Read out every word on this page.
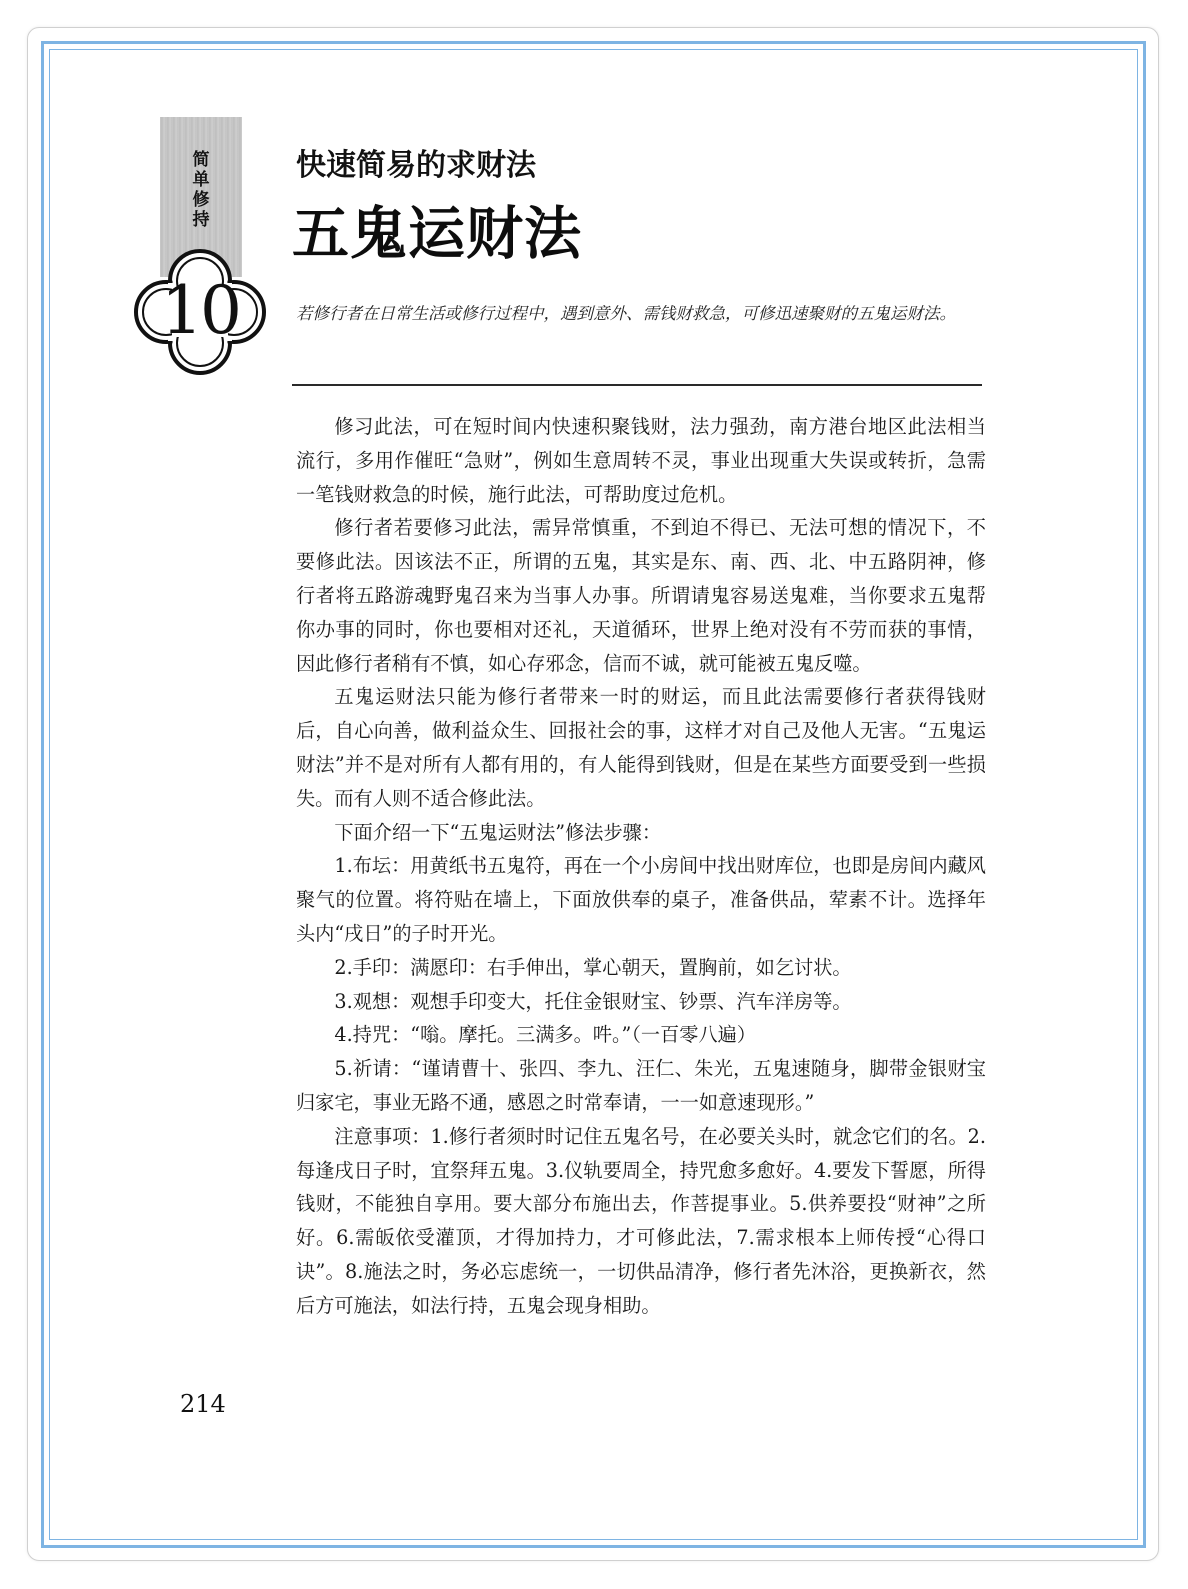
简单修持
10
快速简易的求财法
五鬼运财法
若修行者在日常生活或修行过程中，遇到意外、需钱财救急，可修迅速聚财的五鬼运财法。

修习此法，可在短时间内快速积聚钱财，法力强劲，南方港台地区此法相当流行，多用作催旺“急财”，例如生意周转不灵，事业出现重大失误或转折，急需一笔钱财救急的时候，施行此法，可帮助度过危机。

修行者若要修习此法，需异常慎重，不到迫不得已、无法可想的情况下，不要修此法。因该法不正，所谓的五鬼，其实是东、南、西、北、中五路阴神，修行者将五路游魂野鬼召来为当事人办事。所谓请鬼容易送鬼难，当你要求五鬼帮你办事的同时，你也要相对还礼，天道循环，世界上绝对没有不劳而获的事情，因此修行者稍有不慎，如心存邪念，信而不诚，就可能被五鬼反噬。

五鬼运财法只能为修行者带来一时的财运，而且此法需要修行者获得钱财后，自心向善，做利益众生、回报社会的事，这样才对自己及他人无害。“五鬼运财法”并不是对所有人都有用的，有人能得到钱财，但是在某些方面要受到一些损失。而有人则不适合修此法。

下面介绍一下“五鬼运财法”修法步骤：

1.布坛：用黄纸书五鬼符，再在一个小房间中找出财库位，也即是房间内藏风聚气的位置。将符贴在墙上，下面放供奉的桌子，准备供品，荤素不计。选择年头内“戌日”的子时开光。

2.手印：满愿印：右手伸出，掌心朝天，置胸前，如乞讨状。

3.观想：观想手印变大，托住金银财宝、钞票、汽车洋房等。

4.持咒：“嗡。摩托。三满多。吽。”（一百零八遍）

5.祈请：“谨请曹十、张四、李九、汪仁、朱光，五鬼速随身，脚带金银财宝归家宅，事业无路不通，感恩之时常奉请，一一如意速现形。”

注意事项：1.修行者须时时记住五鬼名号，在必要关头时，就念它们的名。2.每逢戌日子时，宜祭拜五鬼。3.仪轨要周全，持咒愈多愈好。4.要发下誓愿，所得钱财，不能独自享用。要大部分布施出去，作菩提事业。5.供养要投“财神”之所好。6.需皈依受灌顶，才得加持力，才可修此法，7.需求根本上师传授“心得口诀”。8.施法之时，务必忘虑统一，一切供品清净，修行者先沐浴，更换新衣，然后方可施法，如法行持，五鬼会现身相助。

214
